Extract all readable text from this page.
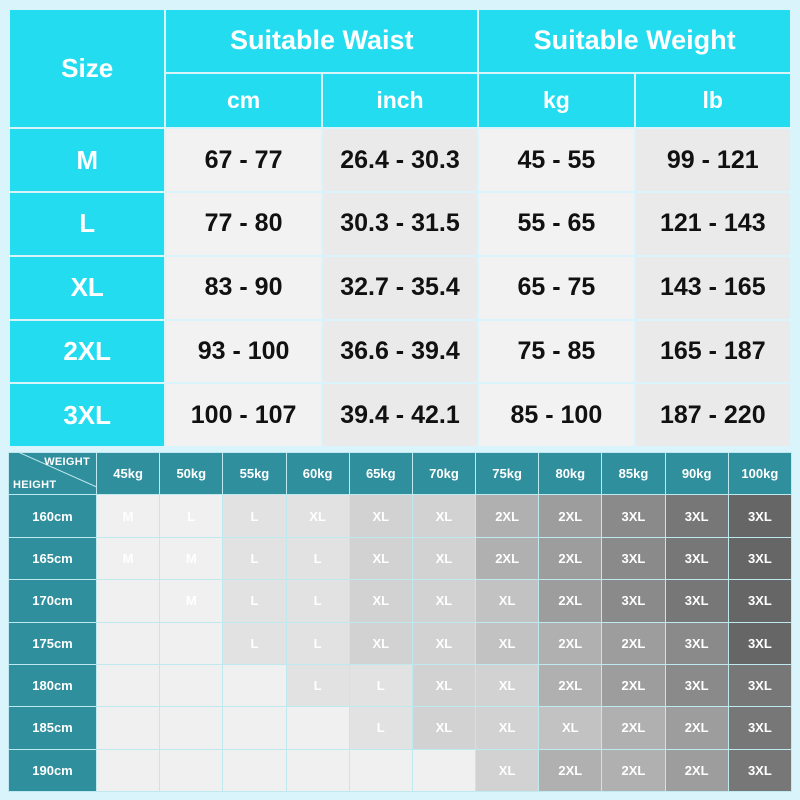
Size	Suitable Waist		Suitable Weight	
	cm	inch	kg	lb
M	67 - 77	26.4 - 30.3	45 - 55	99 - 121
L	77 - 80	30.3 - 31.5	55 - 65	121 - 143
XL	83 - 90	32.7 - 35.4	65 - 75	143 - 165
2XL	93 - 100	36.6 - 39.4	75 - 85	165 - 187
3XL	100 - 107	39.4 - 42.1	85 - 100	187 - 220
WEIGHT
HEIGHT	45kg	50kg	55kg	60kg	65kg	70kg	75kg	80kg	85kg	90kg	100kg
160cm	M	L	L	XL	XL	XL	2XL	2XL	3XL	3XL	3XL
165cm	M	M	L	L	XL	XL	2XL	2XL	3XL	3XL	3XL
170cm		M	L	L	XL	XL	XL	2XL	3XL	3XL	3XL
175cm			L	L	XL	XL	XL	2XL	2XL	3XL	3XL
180cm				L	L	XL	XL	2XL	2XL	3XL	3XL
185cm					L	XL	XL	XL	2XL	2XL	3XL
190cm							XL	2XL	2XL	2XL	3XL
